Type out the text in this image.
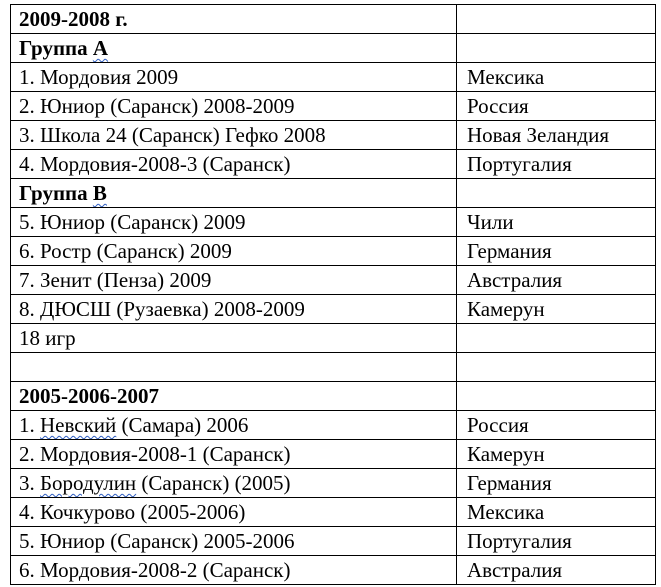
2009-2008 г.	
Группа А	
1. Мордовия 2009	Мексика
2. Юниор (Саранск) 2008-2009	Россия
3. Школа 24 (Саранск) Гефко 2008	Новая Зеландия
4. Мордовия-2008-3 (Саранск)	Португалия
Группа В	
5. Юниор (Саранск) 2009	Чили
6. Ростр (Саранск) 2009	Германия
7. Зенит (Пенза) 2009	Австралия
8. ДЮСШ (Рузаевка) 2008-2009	Камерун
18 игр	

2005-2006-2007	
1. Невский (Самара) 2006	Россия
2. Мордовия-2008-1 (Саранск)	Камерун
3. Бородулин (Саранск) (2005)	Германия
4. Кочкурово (2005-2006)	Мексика
5. Юниор (Саранск) 2005-2006	Португалия
6. Мордовия-2008-2 (Саранск)	Австралия
